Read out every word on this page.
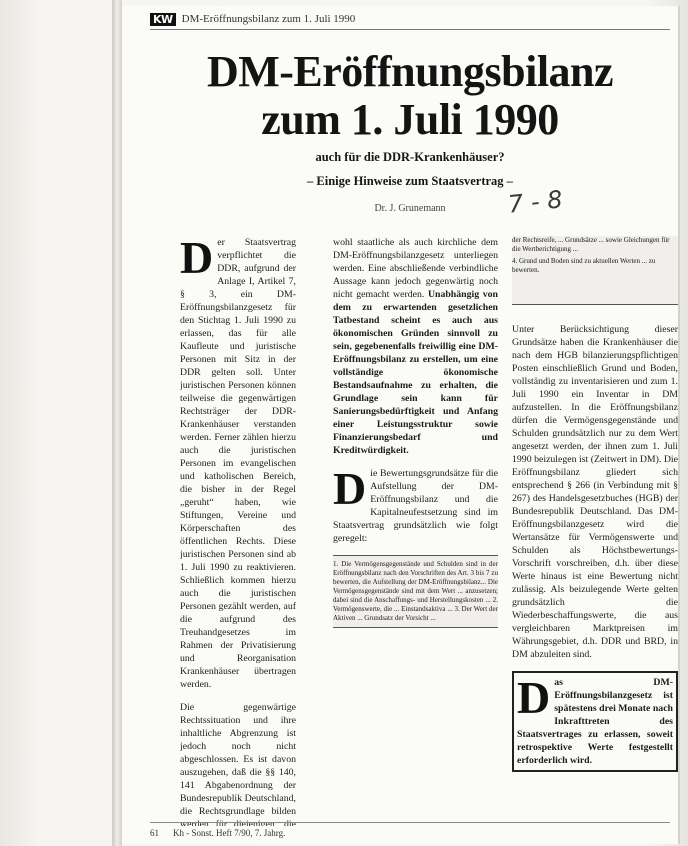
KW DM-Eröffnungsbilanz zum 1. Juli 1990
DM-Eröffnungsbilanz
zum 1. Juli 1990
auch für die DDR-Krankenhäuser?
– Einige Hinweise zum Staatsvertrag –
Dr. J. Grunemann	7 - 8

D er Staatsvertrag verpflichtet die DDR, aufgrund der Anlage I, Artikel 7, § 3, ein DM-Eröffnungsbilanzgesetz für den Stichtag 1. Juli 1990 zu erlassen, das für alle Kaufleute und juristische Personen mit Sitz in der DDR gelten soll. Unter juristischen Personen können teilweise die gegenwärtigen Rechtsträger der DDR-Krankenhäuser verstanden werden. Ferner zählen hierzu auch die juristischen Personen im evangelischen und katholischen Bereich, die bisher in der Regel „geruht“ haben, wie Stiftungen, Vereine und Körperschaften des öffentlichen Rechts. Diese juristischen Personen sind ab 1. Juli 1990 zu reaktivieren. Schließlich kommen hierzu auch die juristischen Personen gezählt werden, auf die aufgrund des Treuhandgesetzes im Rahmen der Privatisierung und Reorganisation Krankenhäuser übertragen werden.

Die gegenwärtige Rechtssituation und ihre inhaltliche Abgrenzung ist jedoch noch nicht abgeschlossen. Es ist davon auszugehen, daß die §§ 140, 141 Abgabenordnung der Bundesrepublik Deutschland, die Rechtsgrundlage bilden

wohl staatliche als auch kirchliche dem DM-Eröffnungsbilanzgesetz unterliegen werden. Eine abschließende verbindliche Aussage kann jedoch gegenwärtig noch nicht gemacht werden. Unabhängig von dem zu erwartenden gesetzlichen Tatbestand scheint es auch aus ökonomischen Gründen sinnvoll zu sein, gegebenenfalls freiwillig eine DM-Eröffnungsbilanz zu erstellen, um eine vollständige ökonomische Bestandsaufnahme zu erhalten, die Grundlage sein kann für Sanierungsbedürftigkeit und Anfang einer Leistungsstruktur sowie Finanzierungsbedarf und Kreditwürdigkeit.

D ie Bewertungsgrundsätze für die Aufstellung der DM-Eröffnungsbilanz und die Kapitalneufestsetzung sind im Staatsvertrag grundsätzlich wie folgt geregelt:

1. Die Vermögensgegenstände und Schulden sind in der Eröffnungsbilanz nach den Vorschriften des Art. 3 bis 7 zu bewerten, die Aufstellung der DM-Eröffnungsbilanz... Die Vermögensgegenstände sind mit dem Wert ... anzusetzen; dabei sind die Anschaffungs- und Herstellungskosten ... 2. Vermögenswerte, die ... Einstandsaktiva ... 3. Der Wert der Aktiven ... Grundsatz der Vorsicht ...

der Rechtsreife, ... Grundsätze ... sowie Gleichungen für die Wertberichtigung ...

4. Grund und Boden sind zu aktuellen Werten ... zu bewerten.

Unter Berücksichtigung dieser Grundsätze haben die Krankenhäuser die nach dem HGB bilanzierungspflichtigen Posten einschließlich Grund und Boden, vollständig zu inventarisieren und zum 1. Juli 1990 ein Inventar in DM aufzustellen. In die Eröffnungsbilanz dürfen die Vermögensgegenstände und Schulden grundsätzlich nur zu dem Wert angesetzt werden, der ihnen zum 1. Juli 1990 beizulegen ist (Zeitwert in DM). Die Eröffnungsbilanz gliedert sich entsprechend § 266 (in Verbindung mit § 267) des Handelsgesetzbuches (HGB) der Bundesrepublik Deutschland. Das DM-Eröffnungsbilanzgesetz wird die Wertansätze für Vermögenswerte und Schulden als Höchstbewertungs-Vorschrift vorschreiben, d.h. über diese Werte hinaus ist eine Bewertung nicht zulässig. Als beizulegende Werte gelten grundsätzlich die Wiederbeschaffungswerte, die aus vergleichbaren Marktpreisen im Währungsgebiet, d.h. DDR und BRD, in DM abzuleiten sind.

D as DM-Eröffnungsbilanzgesetz ist spätestens drei Monate nach Inkrafttreten des Staatsvertrages zu erlassen, soweit retrospektive Werte festgestellt erforderlich wird.
61 Kh - Sonst. Heft 7/90, 7. Jahrg.
